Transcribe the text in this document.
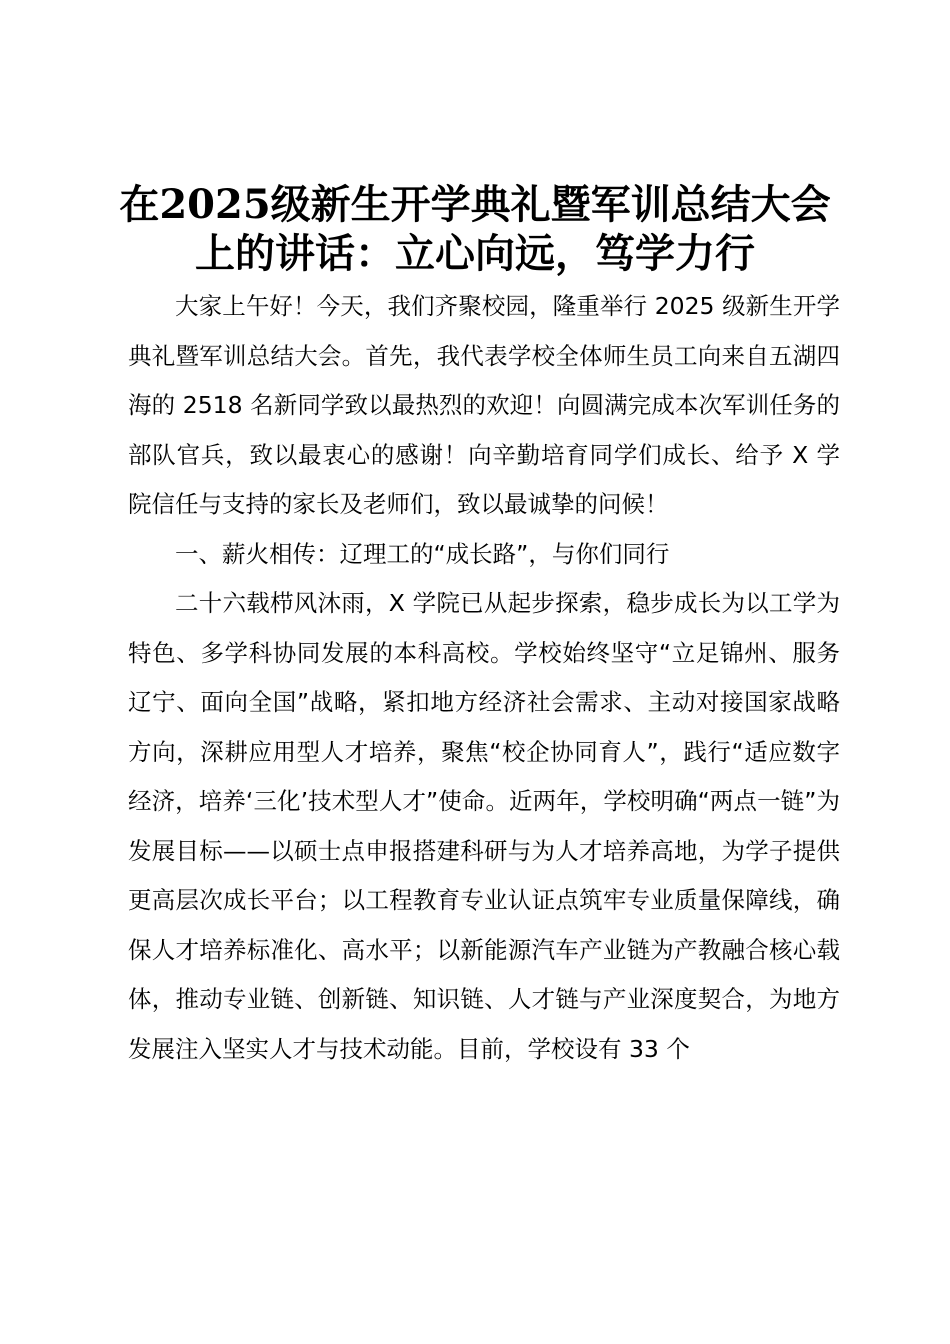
在2025级新生开学典礼暨军训总结大会上的讲话：立心向远，笃学力行

大家上午好！今天，我们齐聚校园，隆重举行 2025 级新生开学典礼暨军训总结大会。首先，我代表学校全体师生员工向来自五湖四海的 2518 名新同学致以最热烈的欢迎！向圆满完成本次军训任务的部队官兵，致以最衷心的感谢！向辛勤培育同学们成长、给予 X 学院信任与支持的家长及老师们，致以最诚挚的问候！

一、薪火相传：辽理工的“成长路”，与你们同行

二十六载栉风沐雨，X 学院已从起步探索，稳步成长为以工学为特色、多学科协同发展的本科高校。学校始终坚守“立足锦州、服务辽宁、面向全国”战略，紧扣地方经济社会需求、主动对接国家战略方向，深耕应用型人才培养，聚焦“校企协同育人”，践行“适应数字经济，培养‘三化’技术型人才”使命。近两年，学校明确“两点一链”为发展目标——以硕士点申报搭建科研与为人才培养高地，为学子提供更高层次成长平台；以工程教育专业认证点筑牢专业质量保障线，确保人才培养标准化、高水平；以新能源汽车产业链为产教融合核心载体，推动专业链、创新链、知识链、人才链与产业深度契合，为地方发展注入坚实人才与技术动能。目前，学校设有 33 个
